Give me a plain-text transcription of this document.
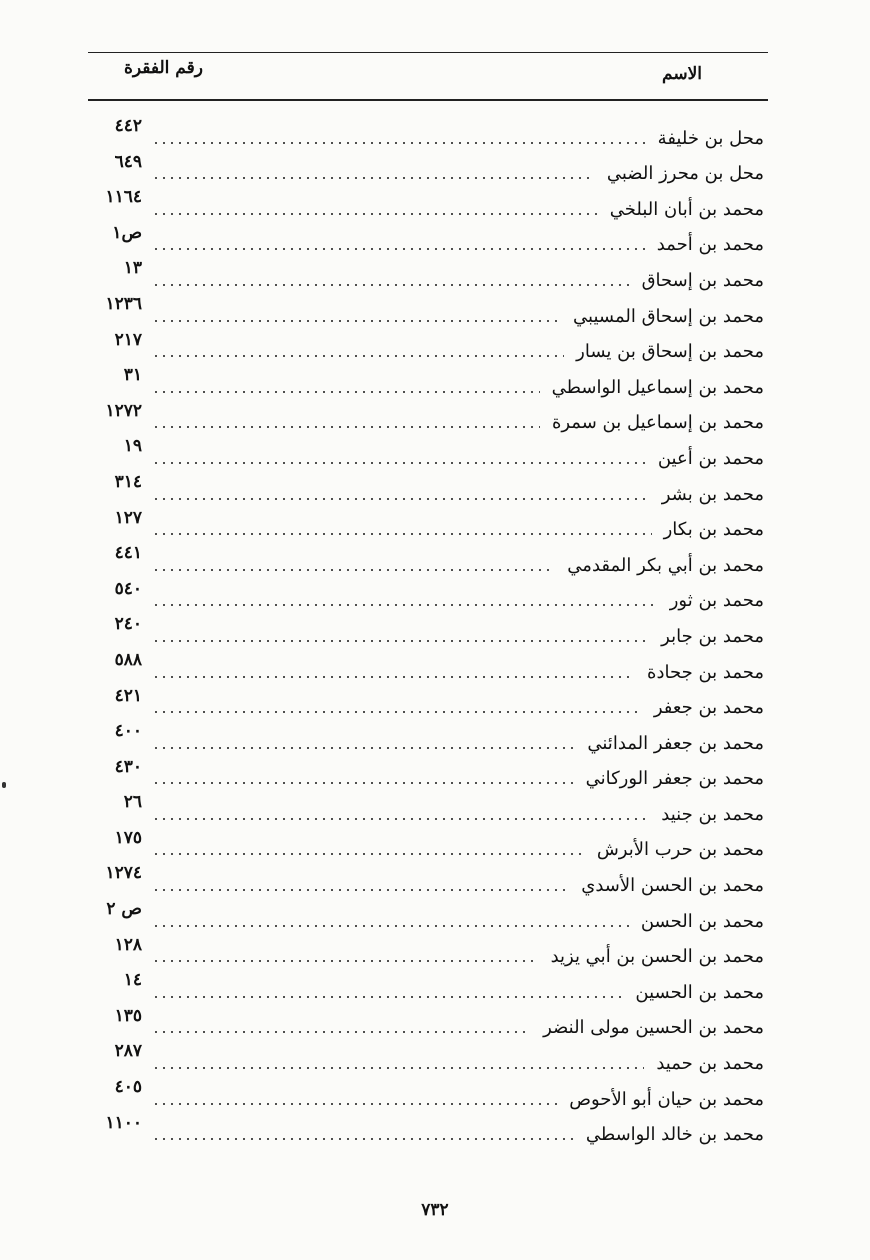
الاسم
رقم الفقرة
محل بن خليفة
٤٤٢
محل بن محرز الضبي
٦٤٩
محمد بن أبان البلخي
١١٦٤
محمد بن أحمد
ص١
محمد بن إسحاق
١٣
محمد بن إسحاق المسيبي
١٢٣٦
محمد بن إسحاق بن يسار
٢١٧
محمد بن إسماعيل الواسطي
٣١
محمد بن إسماعيل بن سمرة
١٢٧٢
محمد بن أعين
١٩
محمد بن بشر
٣١٤
محمد بن بكار
١٢٧
محمد بن أبي بكر المقدمي
٤٤١
محمد بن ثور
٥٤٠
محمد بن جابر
٢٤٠
محمد بن جحادة
٥٨٨
محمد بن جعفر
٤٢١
محمد بن جعفر المدائني
٤٠٠
محمد بن جعفر الوركاني
٤٣٠
محمد بن جنيد
٢٦
محمد بن حرب الأبرش
١٧٥
محمد بن الحسن الأسدي
١٢٧٤
محمد بن الحسن
ص ٢
محمد بن الحسن بن أبي يزيد
١٢٨
محمد بن الحسين
١٤
محمد بن الحسين مولى النضر
١٣٥
محمد بن حميد
٢٨٧
محمد بن حيان أبو الأحوص
٤٠٥
محمد بن خالد الواسطي
١١٠٠
٧٣٢
